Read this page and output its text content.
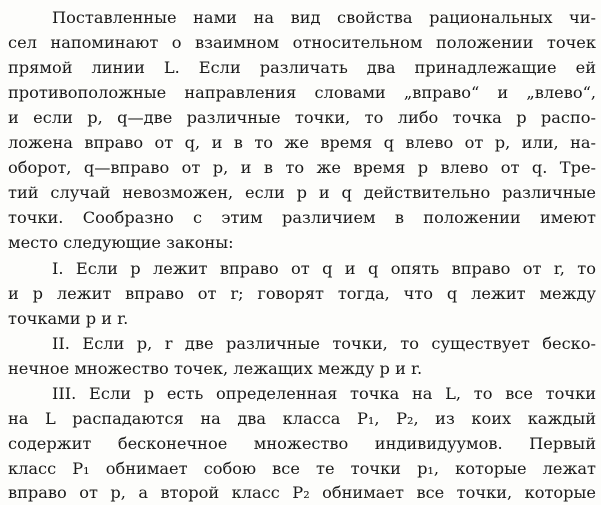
Поставленные нами на вид свойства рациональных чи-
сел напоминают о взаимном относительном положении точек
прямой линии L. Если различать два принадлежащие ей
противоположные направления словами „вправо“ и „влево“,
и если p, q—две различные точки, то либо точка p распо-
ложена вправо от q, и в то же время q влево от p, или, на-
оборот, q—вправо от p, и в то же время p влево от q. Тре-
тий случай невозможен, если p и q действительно различные
точки. Сообразно с этим различием в положении имеют
место следующие законы:
I. Если p лежит вправо от q и q опять вправо от r, то
и p лежит вправо от r; говорят тогда, что q лежит между
точками p и r.
II. Если p, r две различные точки, то существует беско-
нечное множество точек, лежащих между p и r.
III. Если p есть определенная точка на L, то все точки
на L распадаются на два класса P₁, P₂, из коих каждый
содержит бесконечное множество индивидуумов. Первый
класс P₁ обнимает собою все те точки p₁, которые лежат
вправо от p, а второй класс P₂ обнимает все точки, которые
